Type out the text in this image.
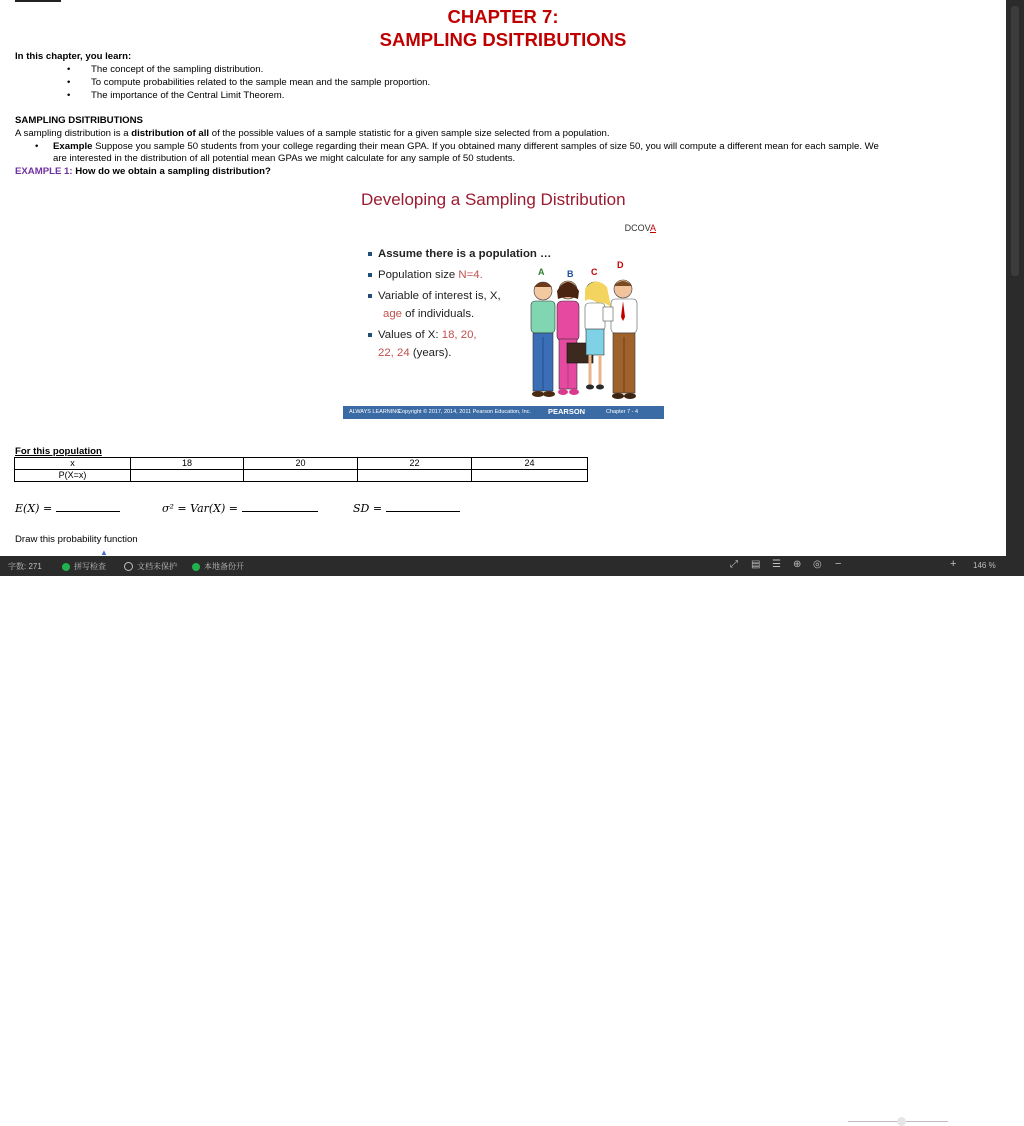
CHAPTER 7:
SAMPLING DSITRIBUTIONS
In this chapter, you learn:
• The concept of the sampling distribution.
• To compute probabilities related to the sample mean and the sample proportion.
• The importance of the Central Limit Theorem.
SAMPLING DSITRIBUTIONS
A sampling distribution is a distribution of all of the possible values of a sample statistic for a given sample size selected from a population.
• Example Suppose you sample 50 students from your college regarding their mean GPA. If you obtained many different samples of size 50, you will compute a different mean for each sample. We
are interested in the distribution of all potential mean GPAs we might calculate for any sample of 50 students.
EXAMPLE 1: How do we obtain a sampling distribution?
Developing a Sampling Distribution
DCOVA
Assume there is a population …
Population size N=4.
Variable of interest is, X,
age of individuals.
Values of X: 18, 20,
22, 24 (years).
A	B C
D
ALWAYS LEARNING
Copyright © 2017, 2014, 2011 Pearson Education, Inc. PEARSON	Chapter 7 - 4
For this population
x	18	20	22	24
P(X=x)				
E(X) =	σ² = Var(X) =	SD =
Draw this probability function
▲
字数: 271	拼写检查	文档未保护	本地备份开	⤢ ▤ ☰ ⊕ ◎ −	+ 146 %
